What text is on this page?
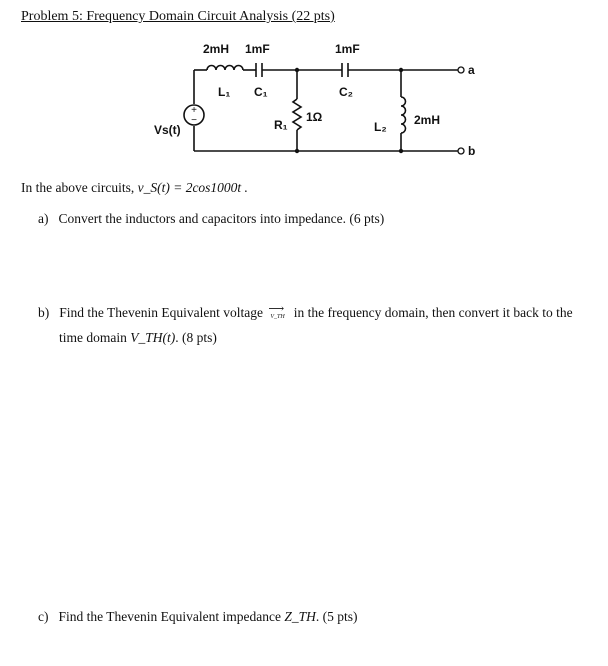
Problem 5: Frequency Domain Circuit Analysis (22 pts)
+
−
2mH 1mF
L₁ C₁
1mF
C₂
R₁
1Ω
L₂ 2mH
Vs(t)
a
b
In the above circuits, v_S(t) = 2cos1000t .
a) Convert the inductors and capacitors into impedance. (6 pts)
b) Find the Thevenin Equivalent voltage ⟶
V_TH in the frequency domain, then convert it back to the
time domain V_TH(t). (8 pts)
c) Find the Thevenin Equivalent impedance Z_TH. (5 pts)
